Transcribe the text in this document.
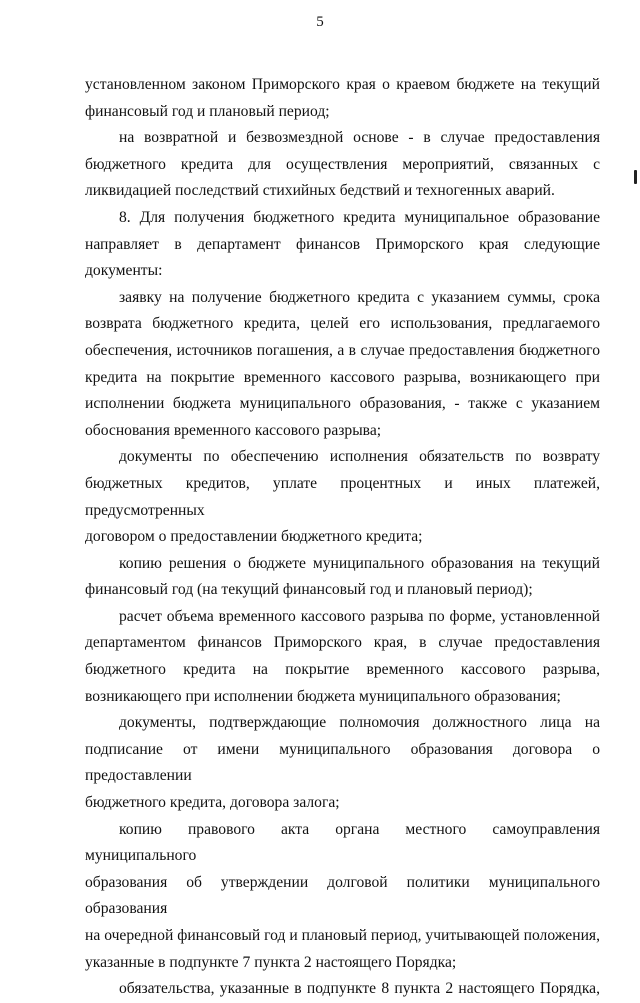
5

установленном законом Приморского края о краевом бюджете на текущий

финансовый год и плановый период;

на возвратной и безвозмездной основе - в случае предоставления

бюджетного кредита для осуществления мероприятий, связанных с

ликвидацией последствий стихийных бедствий и техногенных аварий.

8. Для получения бюджетного кредита муниципальное образование

направляет в департамент финансов Приморского края следующие документы:

заявку на получение бюджетного кредита с указанием суммы, срока

возврата бюджетного кредита, целей его использования, предлагаемого

обеспечения, источников погашения, а в случае предоставления бюджетного

кредита на покрытие временного кассового разрыва, возникающего при

исполнении бюджета муниципального образования, - также с указанием

обоснования временного кассового разрыва;

документы по обеспечению исполнения обязательств по возврату

бюджетных кредитов, уплате процентных и иных платежей, предусмотренных

договором о предоставлении бюджетного кредита;

копию решения о бюджете муниципального образования на текущий

финансовый год (на текущий финансовый год и плановый период);

расчет объема временного кассового разрыва по форме, установленной

департаментом финансов Приморского края, в случае предоставления

бюджетного кредита на покрытие временного кассового разрыва,

возникающего при исполнении бюджета муниципального образования;

документы, подтверждающие полномочия должностного лица на

подписание от имени муниципального образования договора о предоставлении

бюджетного кредита, договора залога;

копию правового акта органа местного самоуправления муниципального

образования об утверждении долговой политики муниципального образования

на очередной финансовый год и плановый период, учитывающей положения,

указанные в подпункте 7 пункта 2 настоящего Порядка;

обязательства, указанные в подпункте 8 пункта 2 настоящего Порядка,
